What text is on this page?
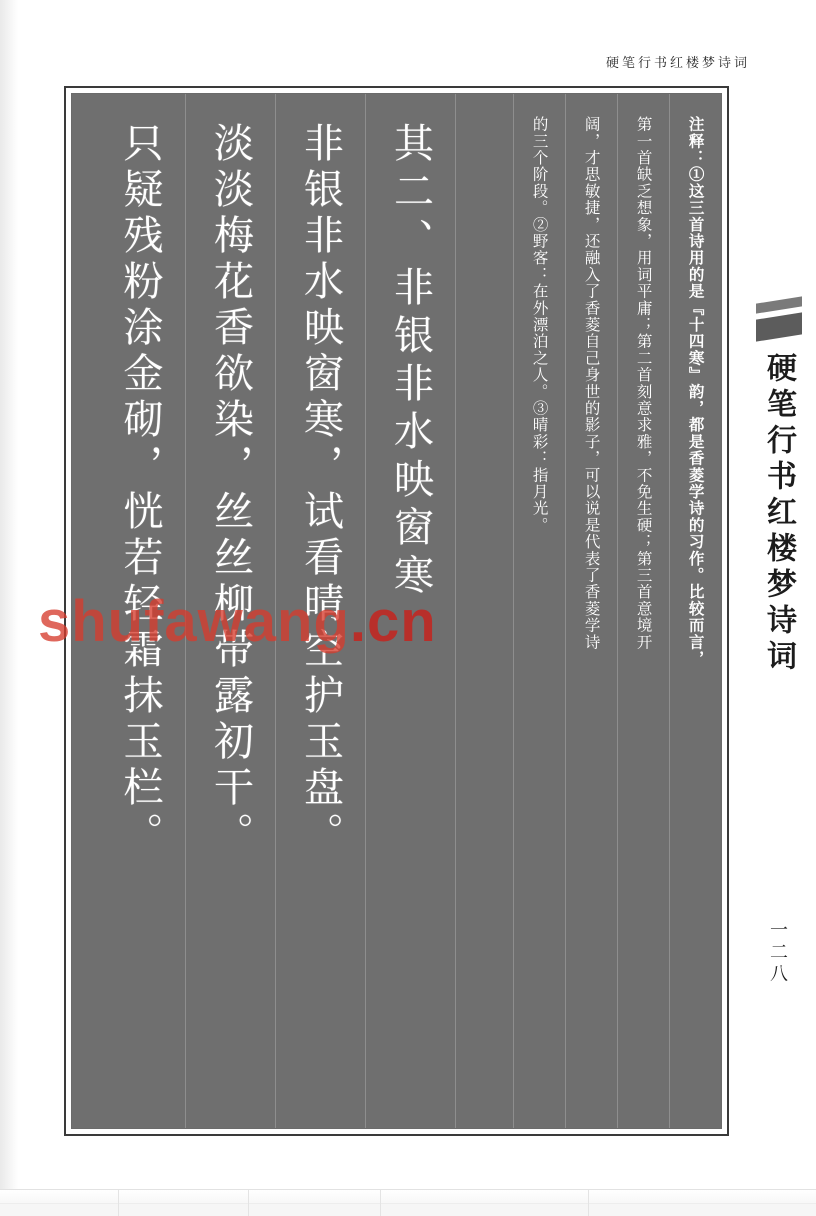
硬笔行书红楼梦诗词
注释：①这三首诗用的是『十四寒』韵，都是香菱学诗的习作。比较而言，
第一首缺乏想象，用词平庸；第二首刻意求雅，不免生硬；第三首意境开
阔，才思敏捷，还融入了香菱自己身世的影子，可以说是代表了香菱学诗
的三个阶段。②野客：在外漂泊之人。③晴彩：指月光。
其二、非银非水映窗寒
非银非水映窗寒，试看晴空护玉盘。
淡淡梅花香欲染，丝丝柳带露初干。
只疑残粉涂金砌，恍若轻霜抹玉栏。	硬笔行书红楼梦诗词
一二八
shufawang.cn
